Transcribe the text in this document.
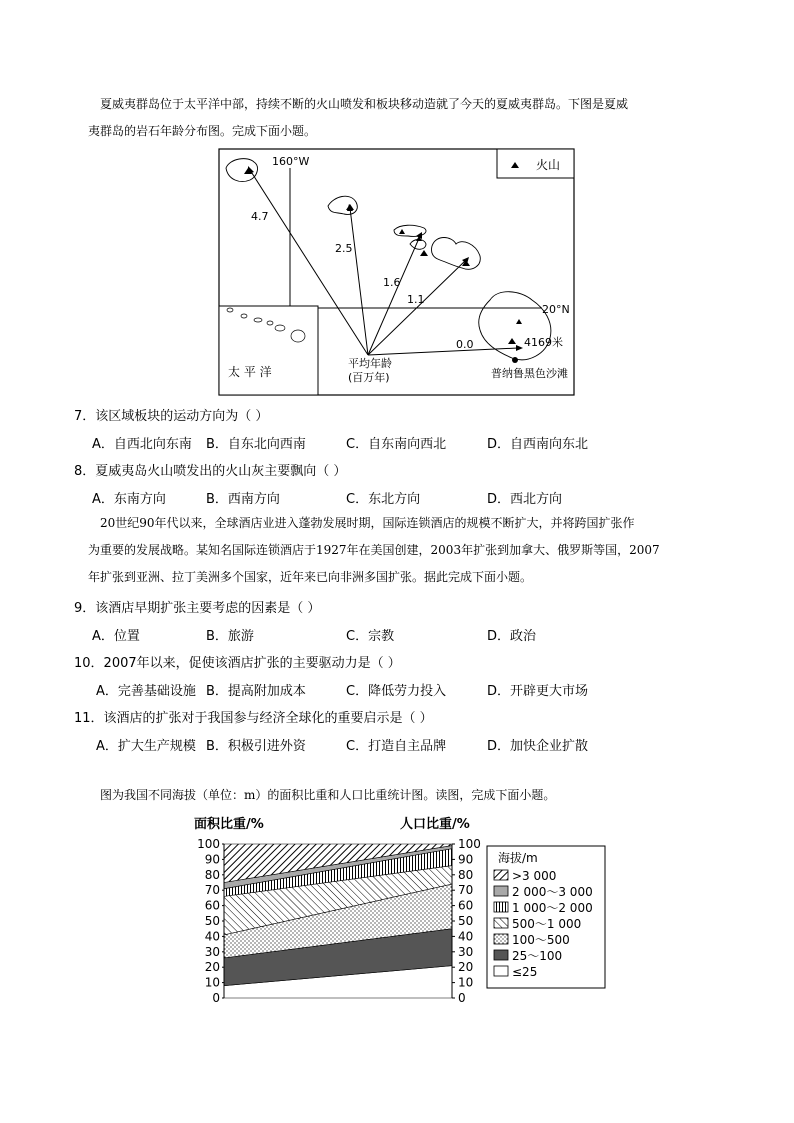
夏威夷群岛位于太平洋中部，持续不断的火山喷发和板块移动造就了今天的夏威夷群岛。下图是夏威
夷群岛的岩石年龄分布图。完成下面小题。
火山
160°W
20°N
太 平 洋
4.7
2.5
1.6
1.1
0.0	4169米
普纳鲁黑色沙滩
平均年龄
(百万年)
7．该区域板块的运动方向为（ ）
A．自西北向东南 B．自东北向西南	C．自东南向西北	D．自西南向东北
8．夏威夷岛火山喷发出的火山灰主要飘向（ ）
A．东南方向	B．西南方向	C．东北方向	D．西北方向
20世纪90年代以来，全球酒店业进入蓬勃发展时期，国际连锁酒店的规模不断扩大，并将跨国扩张作
为重要的发展战略。某知名国际连锁酒店于1927年在美国创建，2003年扩张到加拿大、俄罗斯等国，2007
年扩张到亚洲、拉丁美洲多个国家，近年来已向非洲多国扩张。据此完成下面小题。
9．该酒店早期扩张主要考虑的因素是（ ）
A．位置	B．旅游	C．宗教	D．政治
10．2007年以来，促使该酒店扩张的主要驱动力是（ ）
A．完善基础设施 B．提高附加成本	C．降低劳力投入	D．开辟更大市场
11．该酒店的扩张对于我国参与经济全球化的重要启示是（ ）
A．扩大生产规模 B．积极引进外资	C．打造自主品牌	D．加快企业扩散
图为我国不同海拔（单位：m）的面积比重和人口比重统计图。读图，完成下面小题。
面积比重/%	人口比重/%
0
10
20
30
40
50
60
70
80
90
100
0
10
20
30
40
50
60
70
80
90
100
海拔/m
>3 000
2 000～3 000
1 000～2 000
500～1 000
100～500
25～100
≤25
